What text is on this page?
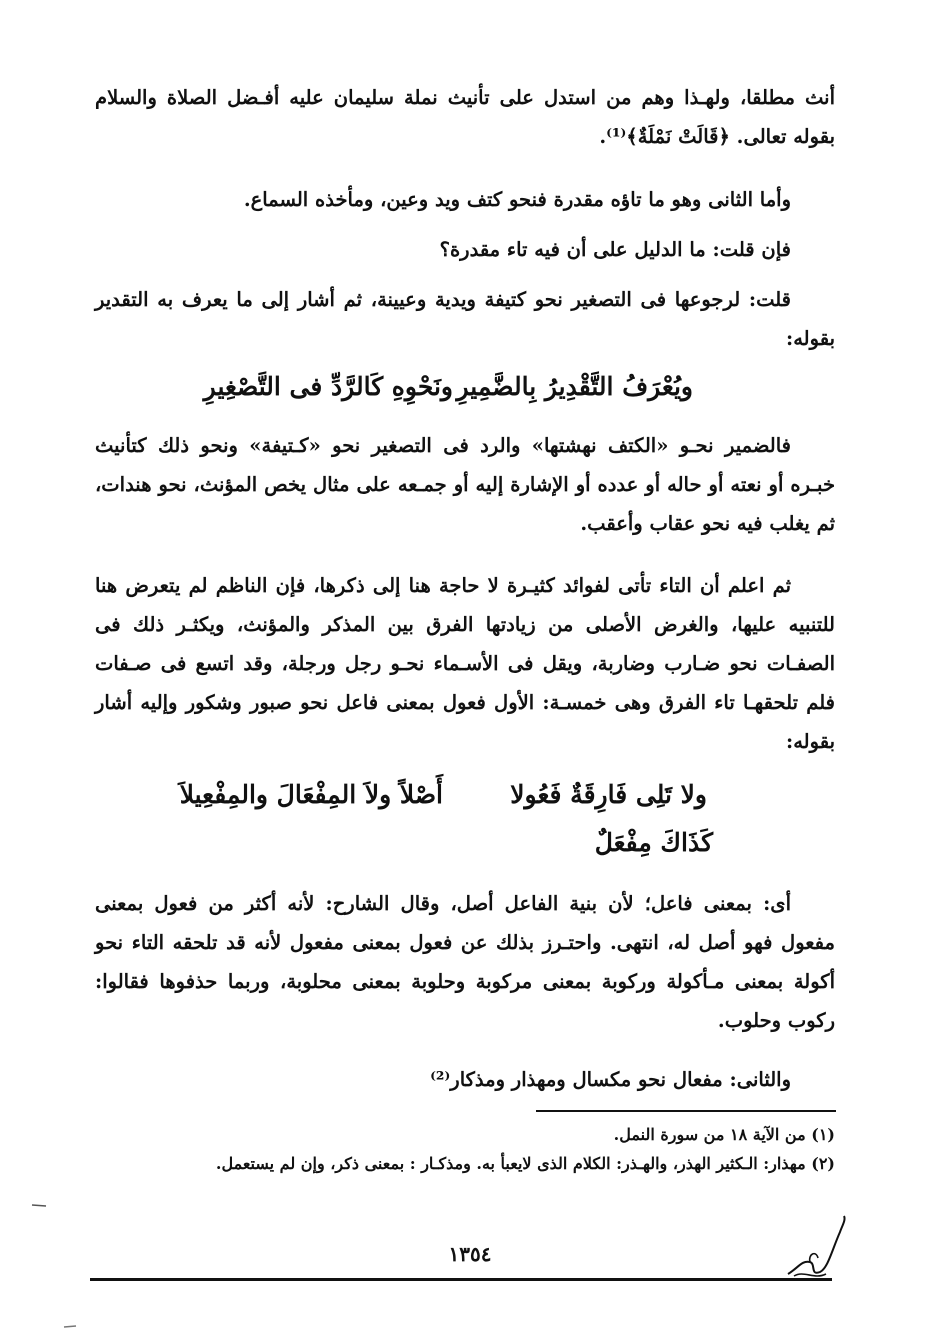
أنث مطلقا، ولهـذا وهم من استدل على تأنيث نملة سليمان عليه أفـضل الصلاة والسلام بقوله تعالى. ﴿قَالَتْ نَمْلَةٌ﴾⁽¹⁾.
وأما الثانى وهو ما تاؤه مقدرة فنحو كتف ويد وعين، ومأخذه السماع.
فإن قلت: ما الدليل على أن فيه تاء مقدرة؟
قلت: لرجوعها فى التصغير نحو كتيفة ويدية وعيينة، ثم أشار إلى ما يعرف به التقدير بقوله:
ويُعْرَفُ التَّقْدِيرُ بِالضَّمِيرِ
ونَحْوِهِ كَالرَّدِّ فى التَّصْغِيرِ
فالضمير نحـو «الكتف نهشتها» والرد فى التصغير نحو «كـتيفة» ونحو ذلك كتأنيث خبـره أو نعته أو حاله أو عدده أو الإشارة إليه أو جمـعه على مثال يخص المؤنث، نحو هندات، ثم يغلب فيه نحو عقاب وأعقب.
ثم اعلم أن التاء تأتى لفوائد كثيـرة لا حاجة هنا إلى ذكرها، فإن الناظم لم يتعرض هنا للتنبيه عليها، والغرض الأصلى من زيادتها الفرق بين المذكر والمؤنث، ويكثـر ذلك فى الصفـات نحو ضـارب وضاربة، ويقل فى الأسـماء نحـو رجل ورجلة، وقد اتسع فى صـفات فلم تلحقهـا تاء الفرق وهى خمسـة: الأول فعول بمعنى فاعل نحو صبور وشكور وإليه أشار بقوله:
ولا تَلِى فَارِقَةٌ فَعُولا
أَصْلاً ولاَ المِفْعَالَ والمِفْعِيلاَ
كَذَاكَ مِفْعَلٌ
أى: بمعنى فاعل؛ لأن بنية الفاعل أصل، وقال الشارح: لأنه أكثر من فعول بمعنى مفعول فهو أصل له، انتهى. واحتـرز بذلك عن فعول بمعنى مفعول لأنه قد تلحقه التاء نحو أكولة بمعنى مـأكولة وركوبة بمعنى مركوبة وحلوبة بمعنى محلوبة، وربما حذفوها فقالوا: ركوب وحلوب.
والثانى: مفعال نحو مكسال ومهذار ومذكار⁽²⁾
(١) من الآية ١٨ من سورة النمل.
(٢) مهذار: الـكثير الهذر، والهـذر: الكلام الذى لايعبأ به. ومذكـار : بمعنى ذكر، وإن لم يستعمل.
١٣٥٤
